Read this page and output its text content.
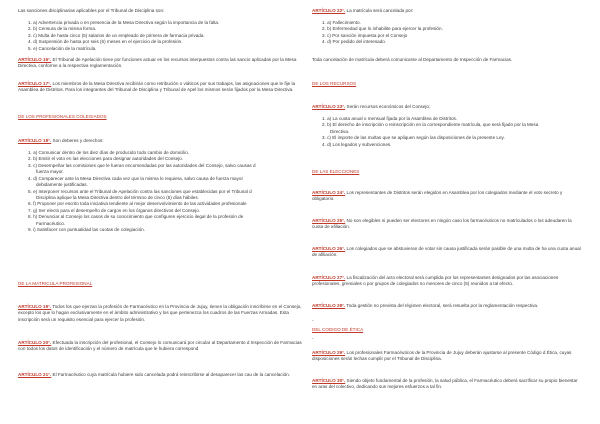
Las sanciones disciplinarias aplicables por el Tribunal de Disciplina son:

1. a) Advertencia privada o en presencia de la Mesa Directiva según la importancia de la falta.
2. b) Censura de la misma forma.
3. c) Multa de hasta cinco (5) salarios de un empleado de primera de farmacia privada.
4. d) Suspensión de hasta por seis (6) meses en el ejercicio de la profesión.
5. e) Cancelación de la matrícula.

ARTÍCULO 16°. El Tribunal de Apelación tiene por funciones actuar en los recursos interpuestos contra las sancio aplicadas por la Mesa Directiva, conforme a la respectiva reglamentación.

ARTÍCULO 17°. Los miembros de la Mesa Directiva recibirán como retribución o viáticos por sus trabajos, las asignaciones que le fije la Asamblea de Distritos. Para los integrantes del Tribunal de Disciplina y Tribunal de Apel los mismos serán fijados por la Mesa Directiva.

DE LOS PROFESIONALES COLEGIADOS

ARTÍCULO 18°. Son deberes y derechos:

1. a) Comunicar dentro de los diez días de producido todo cambio de domicilio.
2. b) Emitir el voto en las elecciones para designar autoridades del Consejo.
3. c) Desempeñar las comisiones que le fueran encomendadas por las autoridades del Consejo, salvo causas d
fuerza mayor.
4. d) Comparecer ante la Mesa Directiva cada vez que la misma lo requiera, salvo causa de fuerza mayor
debidamente justificadas.
5. e) Interponer recursos ante el Tribunal de Apelación contra las sanciones que establecidas por el Tribunal d
Disciplina aplique la Mesa Directiva dentro del término de cinco (5) días hábiles.
6. f) Proponer por escrito toda iniciativa tendiente al mejor desenvolvimiento de las actividades profesionale
7. g) Ser electo para el desempeño de cargos en los órganos directivos del Consejo.
8. h) Denunciar al Consejo los casos de su conocimiento que configuren ejercicio ilegal de la profesión de
Farmacéutico.
9. i) Satisfacer con puntualidad las cuotas de colegiación.

DE LA MATRICULA PROFESIONAL

ARTÍCULO 19°. Todos los que ejerzan la profesión de Farmacéutico en la Provincia de Jujuy, tienen la obligación inscribirse en el Consejo, excepto los que lo hagan exclusivamente en el ámbito administrativo y los que pertenezca los cuadros de las Fuerzas Armadas. Esta inscripción será un requisito esencial para ejercer la profesión.

ARTÍCULO 20°. Efectuada la inscripción del profesional, el Consejo lo comunicará por circular al Departamento d Inspección de Farmacias con todos los datos de identificación y el número de matrícula que le hubiera correspond

ARTÍCULO 21°. El Farmacéutico cuya matrícula hubiere sido cancelada podrá reinscribirse al desaparecer las cau de la cancelación.

ARTÍCULO 22°. La matrícula será cancelada por:

1. a) Fallecimiento.
2. b) Enfermedad que lo inhabilite para ejercer la profesión.
3. c) Por sanción impuesta por el Consejo
4. d) Por pedido del interesado.

Toda cancelación de matrícula deberá comunicarse al Departamento de Inspección de Farmacias.

DE LOS RECURSOS

ARTÍCULO 23°. Serán recursos económicos del Consejo:

1. a) La cuota anual o mensual fijada por la Asamblea de Distritos.
2. b) El derecho de inscripción o reinscripción en la correspondiente matrícula, que será fijado por la Mesa
Directiva.
3. c) El importe de las multas que se apliquen según las disposiciones de la presente Ley.
4. d) Los legados y subvenciones.

DE LAS ELECCIONES

ARTÍCULO 24°. Los representantes de Distritos serán elegidos en Asamblea por los colegiados mediante el voto secreto y obligatorio.

ARTÍCULO 25°. No son elegibles ni pueden ser electores en ningún caso los farmacéuticos no matriculados o los adeudaren la cuota de afiliación.

ARTÍCULO 26°. Los colegiados que se abstuvieran de votar sin causa justificada serán pasible de una multa de ha una cuota anual de afiliación.

ARTÍCULO 27°. La fiscalización del acto electoral será cumplida por los representantes designados por las asociaciones profesionales, gremiales o por grupos de colegiados no menores de cinco (5) reunidos a tal efecto.

ARTÍCULO 28°. Toda gestión no prevista del régimen electoral, será resuelta por la reglamentación respectiva.

-

DEL CODIGO DE ÉTICA

-

ARTÍCULO 29°. Los profesionales Farmacéuticos de la Provincia de Jujuy deberán ajustarse al presente Código d Ética, cuyas disposiciones serán lechas cumplir por el Tribunal de Disciplina.

ARTÍCULO 30°. Siendo objeto fundamental de la profesión, la salud pública, el Farmacéutico deberá sacrificar su propio bienestar en aras del colectivo, dedicando sus mejores esfuerzos a tal fin.
